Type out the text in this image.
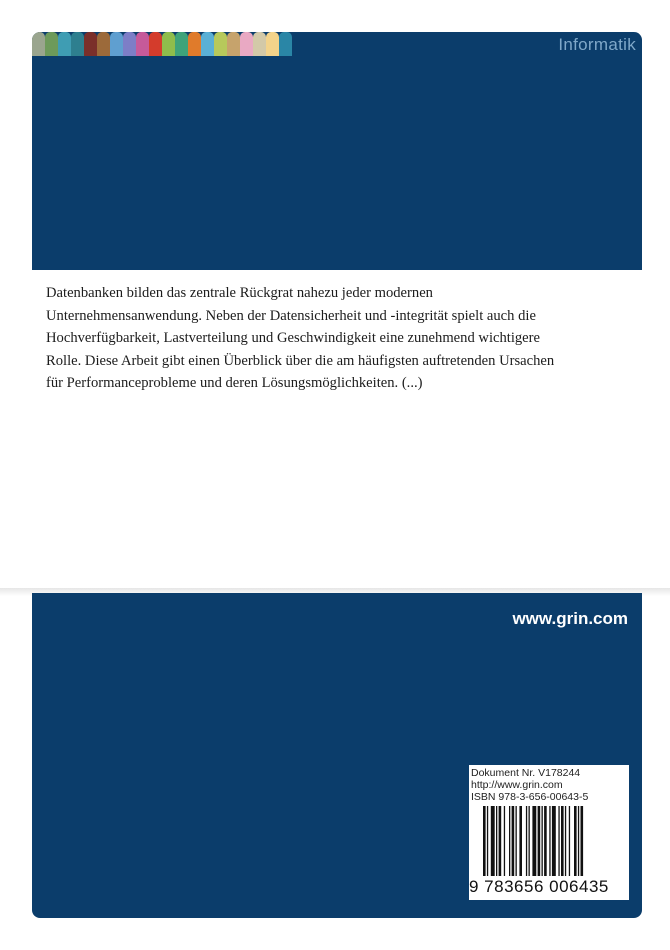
Informatik

Datenbanken bilden das zentrale Rückgrat nahezu jeder modernen Unternehmensanwendung. Neben der Datensicherheit und -integrität spielt auch die Hochverfügbarkeit, Lastverteilung und Geschwindigkeit eine zunehmend wichtigere Rolle. Diese Arbeit gibt einen Überblick über die am häufigsten auftretenden Ursachen für Performanceprobleme und deren Lösungsmöglichkeiten. (...)

www.grin.com
Dokument Nr. V178244
http://www.grin.com
ISBN 978-3-656-00643-5
9 783656 006435
